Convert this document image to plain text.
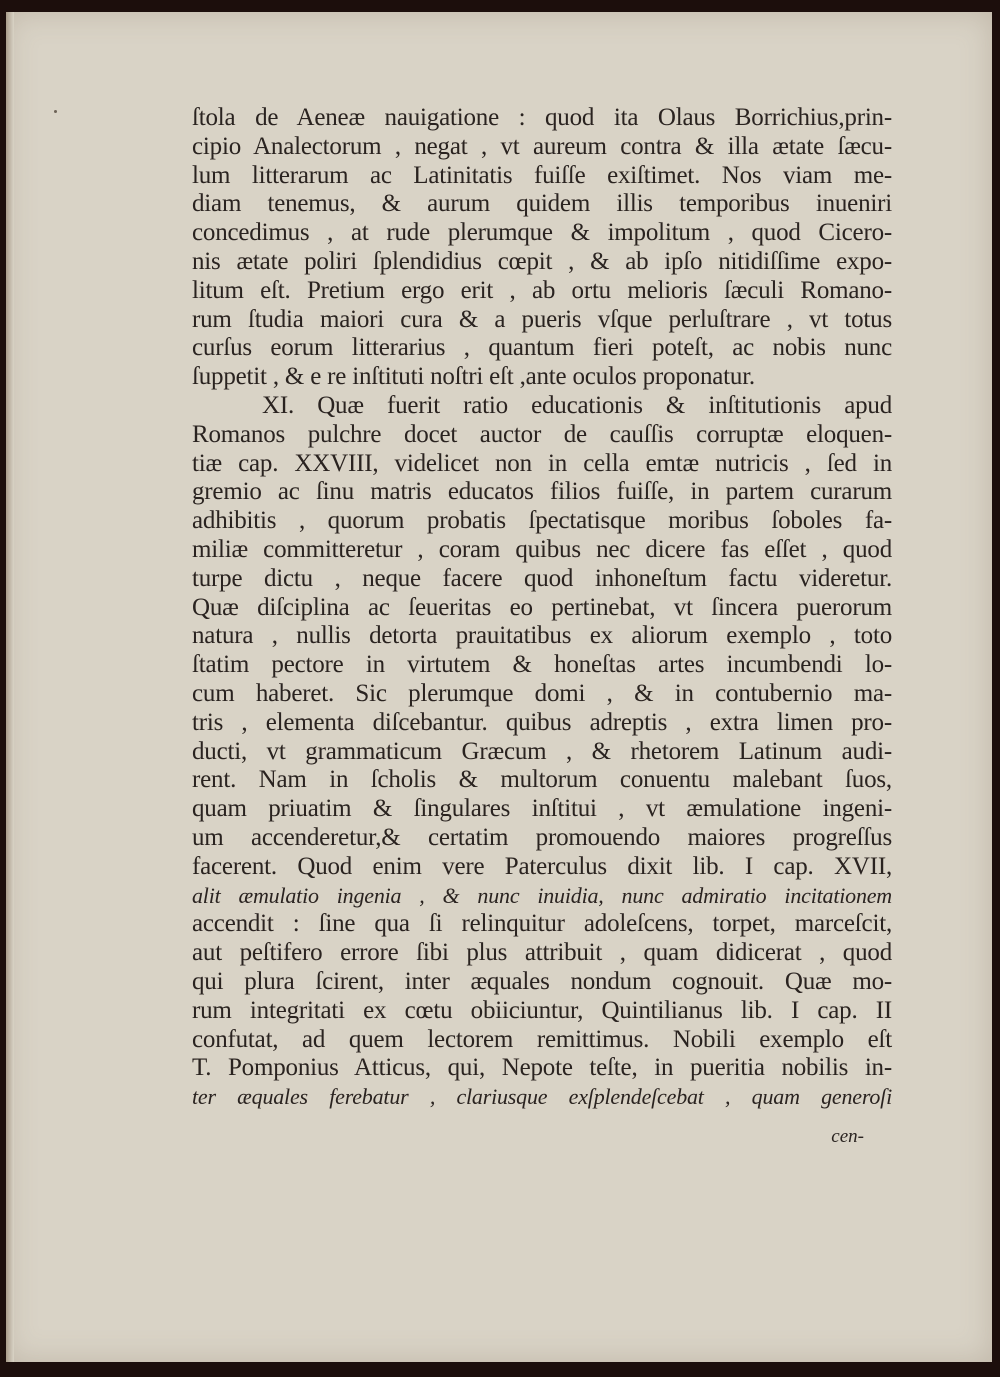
ſtola de Aeneæ nauigatione : quod ita Olaus Borrichius,prin-
cipio Analectorum , negat , vt aureum contra & illa ætate ſæcu-
lum litterarum ac Latinitatis fuiſſe exiſtimet. Nos viam me-
diam tenemus, & aurum quidem illis temporibus inueniri
concedimus , at rude plerumque & impolitum , quod Cicero-
nis ætate poliri ſplendidius cœpit , & ab ipſo nitidiſſime expo-
litum eſt. Pretium ergo erit , ab ortu melioris ſæculi Romano-
rum ſtudia maiori cura & a pueris vſque perluſtrare , vt totus
curſus eorum litterarius , quantum fieri poteſt, ac nobis nunc
ſuppetit , & e re inſtituti noſtri eſt ,ante oculos proponatur.
XI. Quæ fuerit ratio educationis & inſtitutionis apud
Romanos pulchre docet auctor de cauſſis corruptæ eloquen-
tiæ cap. XXVIII, videlicet non in cella emtæ nutricis , ſed in
gremio ac ſinu matris educatos filios fuiſſe, in partem curarum
adhibitis , quorum probatis ſpectatisque moribus ſoboles fa-
miliæ committeretur , coram quibus nec dicere fas eſſet , quod
turpe dictu , neque facere quod inhoneſtum factu videretur.
Quæ diſciplina ac ſeueritas eo pertinebat, vt ſincera puerorum
natura , nullis detorta prauitatibus ex aliorum exemplo , toto
ſtatim pectore in virtutem & honeſtas artes incumbendi lo-
cum haberet. Sic plerumque domi , & in contubernio ma-
tris , elementa diſcebantur. quibus adreptis , extra limen pro-
ducti, vt grammaticum Græcum , & rhetorem Latinum audi-
rent. Nam in ſcholis & multorum conuentu malebant ſuos,
quam priuatim & ſingulares inſtitui , vt æmulatione ingeni-
um accenderetur,& certatim promouendo maiores progreſſus
facerent. Quod enim vere Paterculus dixit lib. I cap. XVII,
alit æmulatio ingenia , & nunc inuidia, nunc admiratio incitationem
accendit : ſine qua ſi relinquitur adoleſcens, torpet, marceſcit,
aut peſtifero errore ſibi plus attribuit , quam didicerat , quod
qui plura ſcirent, inter æquales nondum cognouit. Quæ mo-
rum integritati ex cœtu obiiciuntur, Quintilianus lib. I cap. II
confutat, ad quem lectorem remittimus. Nobili exemplo eſt
T. Pomponius Atticus, qui, Nepote teſte, in pueritia nobilis in-
ter æquales ferebatur , clariusque exſplendeſcebat , quam generoſi
cen-
